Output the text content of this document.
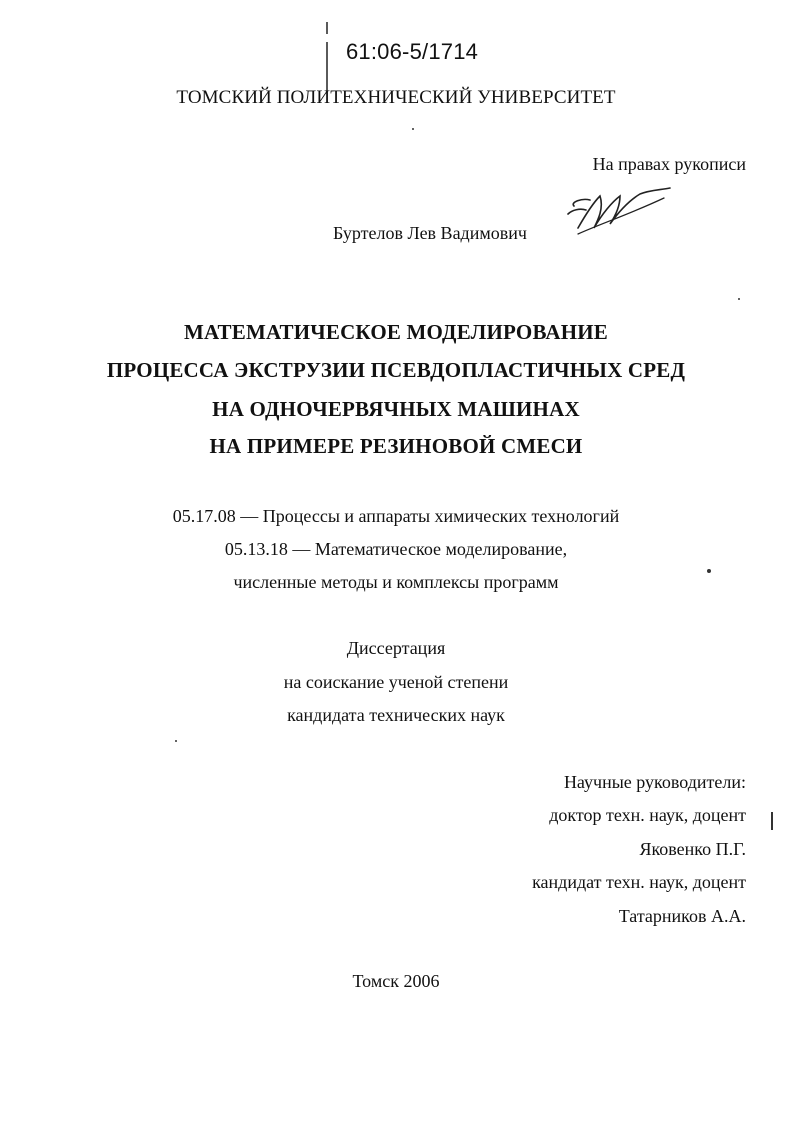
61:06-5/1714
ТОМСКИЙ ПОЛИТЕХНИЧЕСКИЙ УНИВЕРСИТЕТ
На правах рукописи
Буртелов Лев Вадимович
МАТЕМАТИЧЕСКОЕ МОДЕЛИРОВАНИЕ
ПРОЦЕССА ЭКСТРУЗИИ ПСЕВДОПЛАСТИЧНЫХ СРЕД
НА ОДНОЧЕРВЯЧНЫХ МАШИНАХ
НА ПРИМЕРЕ РЕЗИНОВОЙ СМЕСИ
05.17.08 — Процессы и аппараты химических технологий
05.13.18 — Математическое моделирование,
численные методы и комплексы программ
Диссертация
на соискание ученой степени
кандидата технических наук
Научные руководители:
доктор техн. наук, доцент
Яковенко П.Г.
кандидат техн. наук, доцент
Татарников А.А.
Томск 2006
